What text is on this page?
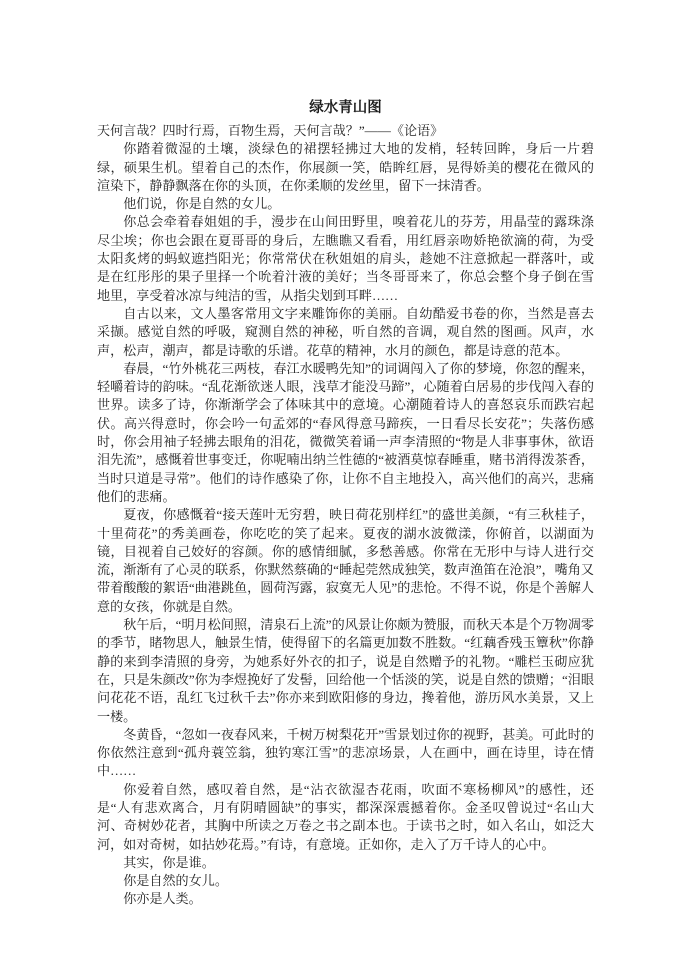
绿水青山图

天何言哉？四时行焉，百物生焉，天何言哉？”——《论语》

你踏着微湿的土壤，淡绿色的裙摆轻拂过大地的发梢，轻转回眸，身后一片碧绿，硕果生机。望着自己的杰作，你展颜一笑，皓眸红唇，晃得娇美的樱花在微风的渲染下，静静飘落在你的头顶，在你柔顺的发丝里，留下一抹清香。

他们说，你是自然的女儿。

你总会牵着春姐姐的手，漫步在山间田野里，嗅着花儿的芬芳，用晶莹的露珠涤尽尘埃；你也会跟在夏哥哥的身后，左瞧瞧又看看，用红唇亲吻娇艳欲滴的荷，为受太阳炙烤的蚂蚁遮挡阳光；你常常伏在秋姐姐的肩头，趁她不注意掀起一群落叶，或是在红彤彤的果子里择一个吮着汁液的美好；当冬哥哥来了，你总会整个身子倒在雪地里，享受着冰凉与纯洁的雪，从指尖划到耳畔……

自古以来，文人墨客常用文字来雕饰你的美丽。自幼酷爱书卷的你，当然是喜去采撷。感觉自然的呼吸，窥测自然的神秘，听自然的音调，观自然的图画。风声，水声，松声，潮声，都是诗歌的乐谱。花草的精神，水月的颜色，都是诗意的范本。

春晨，“竹外桃花三两枝，春江水暖鸭先知”的词调闯入了你的梦境，你忽的醒来，轻嚼着诗的韵味。“乱花渐欲迷人眼，浅草才能没马蹄”，心随着白居易的步伐闯入春的世界。读多了诗，你渐渐学会了体味其中的意境。心潮随着诗人的喜怒哀乐而跌宕起伏。高兴得意时，你会吟一句孟郊的“春风得意马蹄疾，一日看尽长安花”；失落伤感时，你会用袖子轻拂去眼角的泪花，微微笑着诵一声李清照的“物是人非事事休，欲语泪先流”，感慨着世事变迁，你呢喃出纳兰性德的“被酒莫惊春睡重，赌书消得泼茶香，当时只道是寻常”。他们的诗作感染了你，让你不自主地投入，高兴他们的高兴，悲痛他们的悲痛。

夏夜，你感慨着“接天莲叶无穷碧，映日荷花别样红”的盛世美颜，“有三秋桂子，十里荷花”的秀美画卷，你吃吃的笑了起来。夏夜的湖水波微漾，你俯首，以湖面为镜，目视着自己姣好的容颜。你的感情细腻，多愁善感。你常在无形中与诗人进行交流，渐渐有了心灵的联系，你默然蔡确的“睡起莞然成独笑，数声渔笛在沧浪”，嘴角又带着酸酸的絮语“曲港跳鱼，圆荷泻露，寂寞无人见”的悲怆。不得不说，你是个善解人意的女孩，你就是自然。

秋午后，“明月松间照，清泉石上流”的风景让你颇为赞服，而秋天本是个万物凋零的季节，睹物思人，触景生情，使得留下的名篇更加数不胜数。“红藕香残玉簟秋”你静静的来到李清照的身旁，为她系好外衣的扣子，说是自然赠予的礼物。“雕栏玉砌应犹在，只是朱颜改”你为李煜挽好了发髻，回给他一个恬淡的笑，说是自然的馈赠；“泪眼问花花不语，乱红飞过秋千去”你亦来到欧阳修的身边，搀着他，游历风水美景，又上一楼。

冬黄昏，“忽如一夜春风来，千树万树梨花开”雪景划过你的视野，甚美。可此时的你依然注意到“孤舟蓑笠翁，独钓寒江雪”的悲凉场景，人在画中，画在诗里，诗在情中……

你爱着自然，感叹着自然，是“沾衣欲湿杏花雨，吹面不寒杨柳风”的感性，还是“人有悲欢离合，月有阴晴圆缺”的事实，都深深震撼着你。金圣叹曾说过“名山大河、奇树妙花者，其胸中所读之万卷之书之副本也。于读书之时，如入名山，如泛大河，如对奇树，如拈妙花焉。”有诗，有意境。正如你，走入了万千诗人的心中。

其实，你是谁。

你是自然的女儿。

你亦是人类。
